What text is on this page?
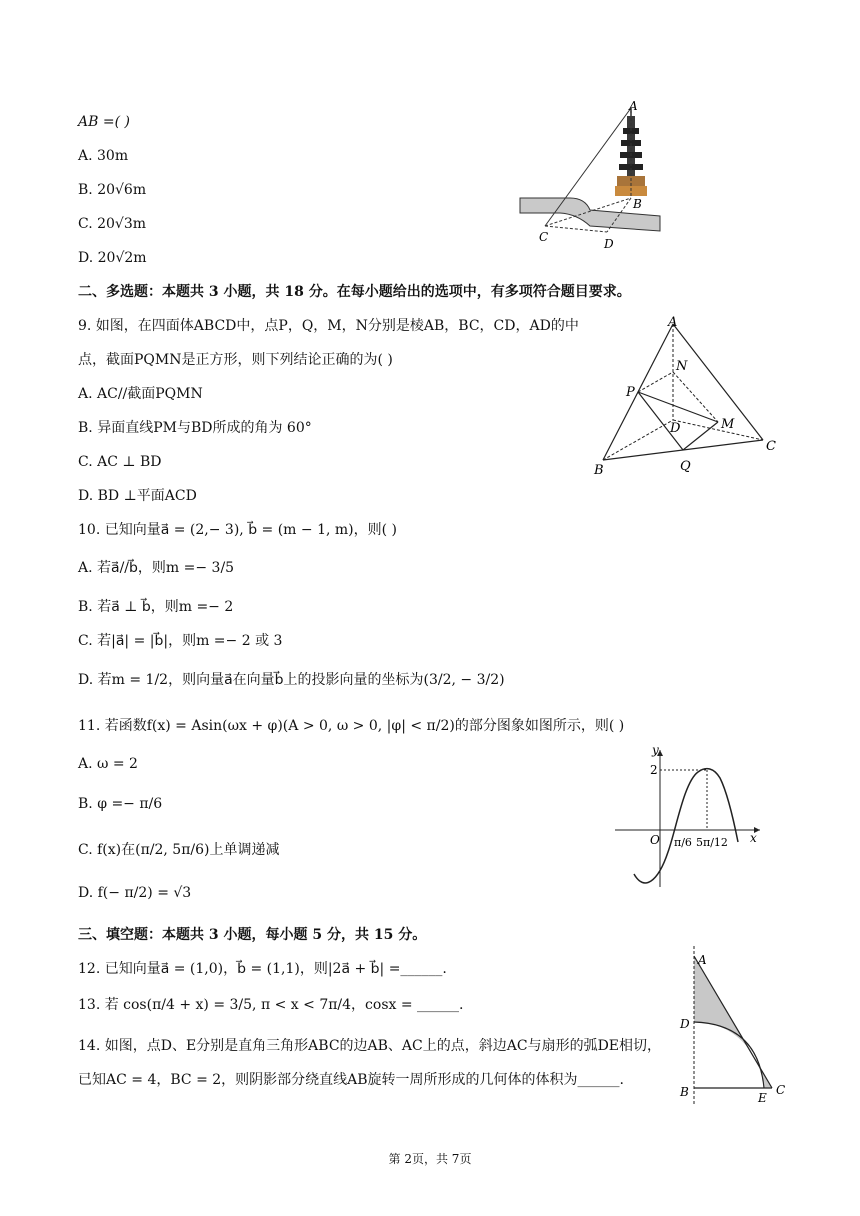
AB =( )
A. 30m
B. 20√6m
C. 20√3m
D. 20√2m
A
B
C	D
二、多选题：本题共 3 小题，共 18 分。在每小题给出的选项中，有多项符合题目要求。
9. 如图，在四面体ABCD中，点P，Q，M，N分别是棱AB，BC，CD，AD的中
点，截面PQMN是正方形，则下列结论正确的为( )
A. AC//截面PQMN
B. 异面直线PM与BD所成的角为 60°
C. AC ⊥ BD
D. BD ⊥平面ACD
A
N
P
D	M
C
B	Q
10. 已知向量a⃗ = (2,− 3), b⃗ = (m − 1, m)，则( )
A. 若a⃗//b⃗，则m =− 3/5
B. 若a⃗ ⊥ b⃗，则m =− 2
C. 若|a⃗| = |b⃗|，则m =− 2 或 3
D. 若m = 1/2，则向量a⃗在向量b⃗上的投影向量的坐标为(3/2, − 3/2)
11. 若函数f(x) = Asin(ωx + φ)(A > 0, ω > 0, |φ| < π/2)的部分图象如图所示，则( )
A. ω = 2
B. φ =− π/6
C. f(x)在(π/2, 5π/6)上单调递减
D. f(− π/2) = √3
y
x
O
2
π/6 5π/12
三、填空题：本题共 3 小题，每小题 5 分，共 15 分。
12. 已知向量a⃗ = (1,0)，b⃗ = (1,1)，则|2a⃗ + b⃗| =______.
13. 若 cos(π/4 + x) = 3/5, π < x < 7π/4，cosx = ______.
14. 如图，点D、E分别是直角三角形ABC的边AB、AC上的点，斜边AC与扇形的弧DE相切，
已知AC = 4，BC = 2，则阴影部分绕直线AB旋转一周所形成的几何体的体积为______.
A
D
B	E
C
第 2页，共 7页
